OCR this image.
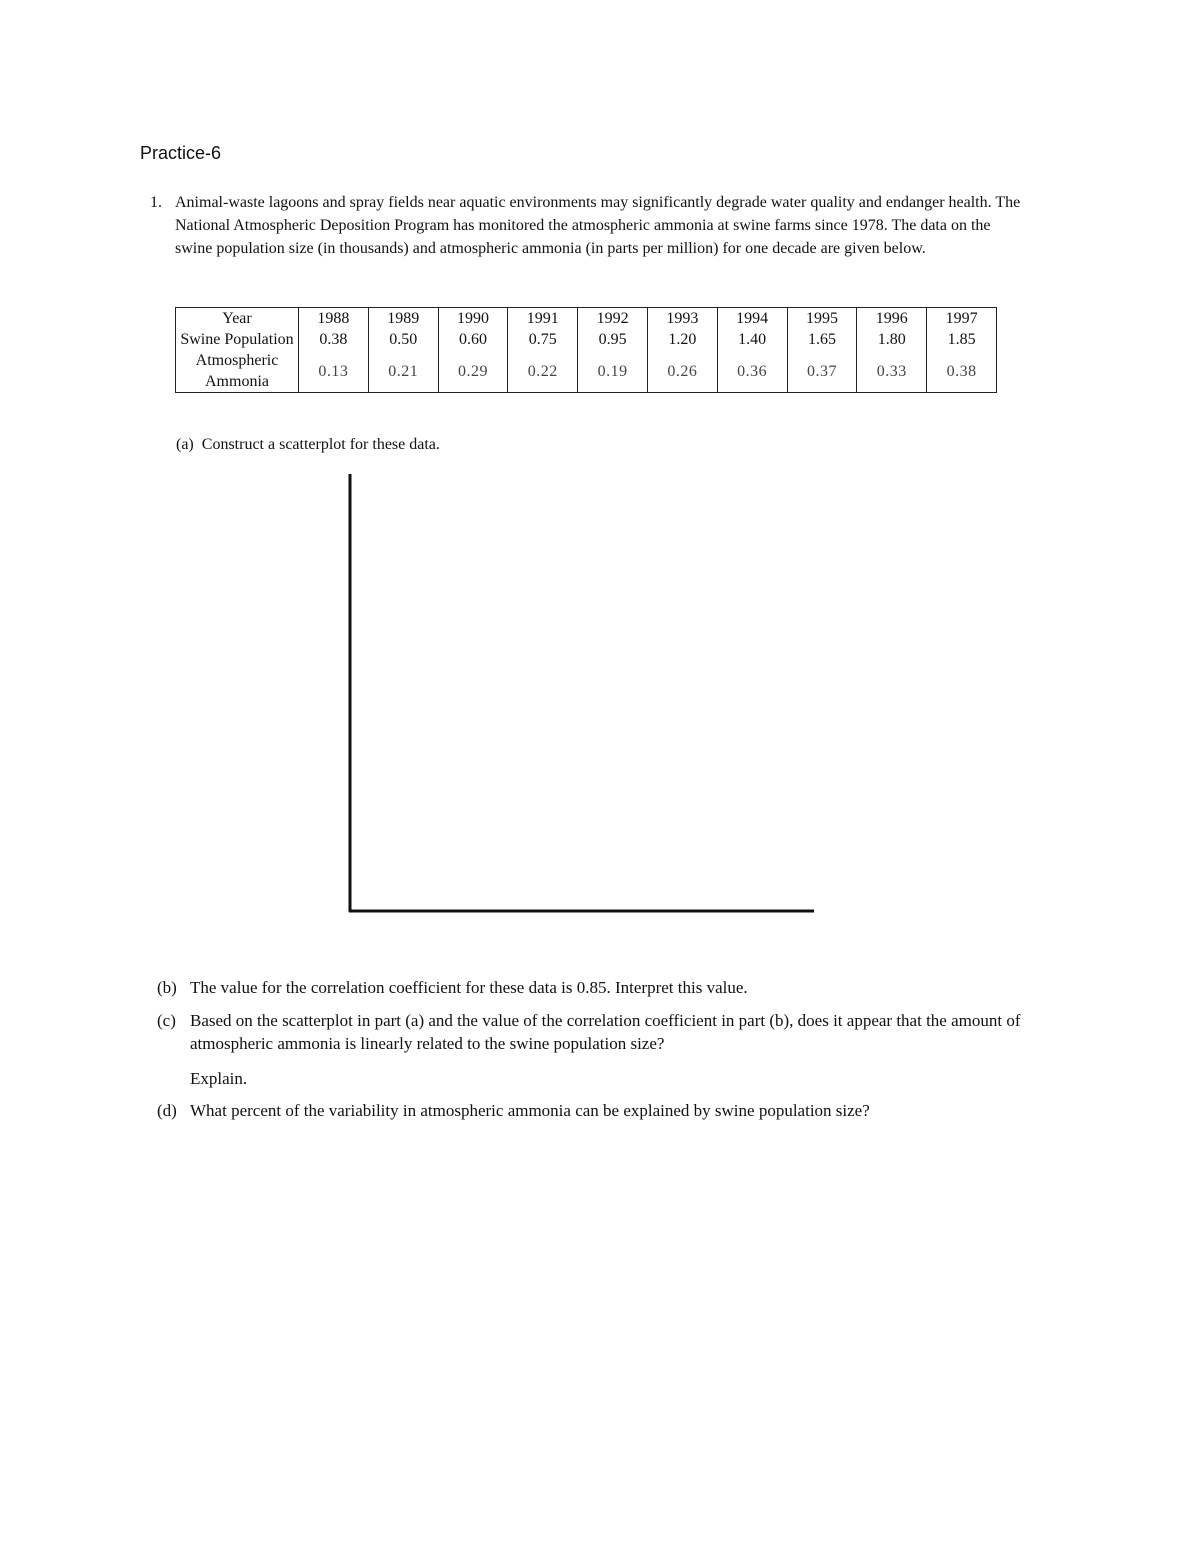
Practice-6
1. Animal-waste lagoons and spray fields near aquatic environments may significantly degrade water quality and endanger health. The National Atmospheric Deposition Program has monitored the atmospheric ammonia at swine farms since 1978. The data on the swine population size (in thousands) and atmospheric ammonia (in parts per million) for one decade are given below.
Year	1988	1989	1990	1991	1992	1993	1994	1995	1996	1997
Swine Population	0.38	0.50	0.60	0.75	0.95	1.20	1.40	1.65	1.80	1.85
Atmospheric Ammonia	0.13	0.21	0.29	0.22	0.19	0.26	0.36	0.37	0.33	0.38
(a) Construct a scatterplot for these data.
(b) The value for the correlation coefficient for these data is 0.85. Interpret this value.
(c) Based on the scatterplot in part (a) and the value of the correlation coefficient in part (b), does it appear that the amount of atmospheric ammonia is linearly related to the swine population size?
Explain.
(d) What percent of the variability in atmospheric ammonia can be explained by swine population size?
